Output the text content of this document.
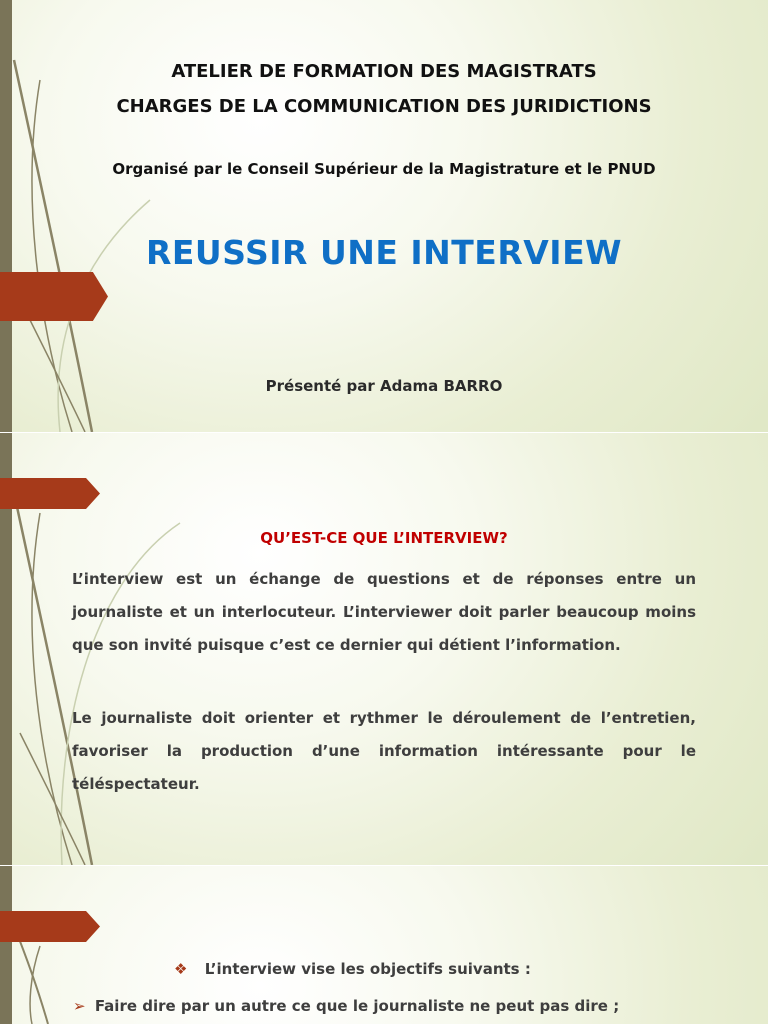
ATELIER DE FORMATION DES MAGISTRATS

CHARGES DE LA COMMUNICATION DES JURIDICTIONS

Organisé par le Conseil Supérieur de la Magistrature et le PNUD

REUSSIR UNE INTERVIEW

Présenté par Adama BARRO

QU’EST-CE QUE L’INTERVIEW?

L’interview est un échange de questions et de réponses entre un journaliste et un interlocuteur. L’interviewer doit parler beaucoup moins que son invité puisque c’est ce dernier qui détient l’information.

Le journaliste doit orienter et rythmer le déroulement de l’entretien, favoriser la production d’une information intéressante pour le téléspectateur.

❖ L’interview vise les objectifs suivants :

➢ Faire dire par un autre ce que le journaliste ne peut pas dire ;
